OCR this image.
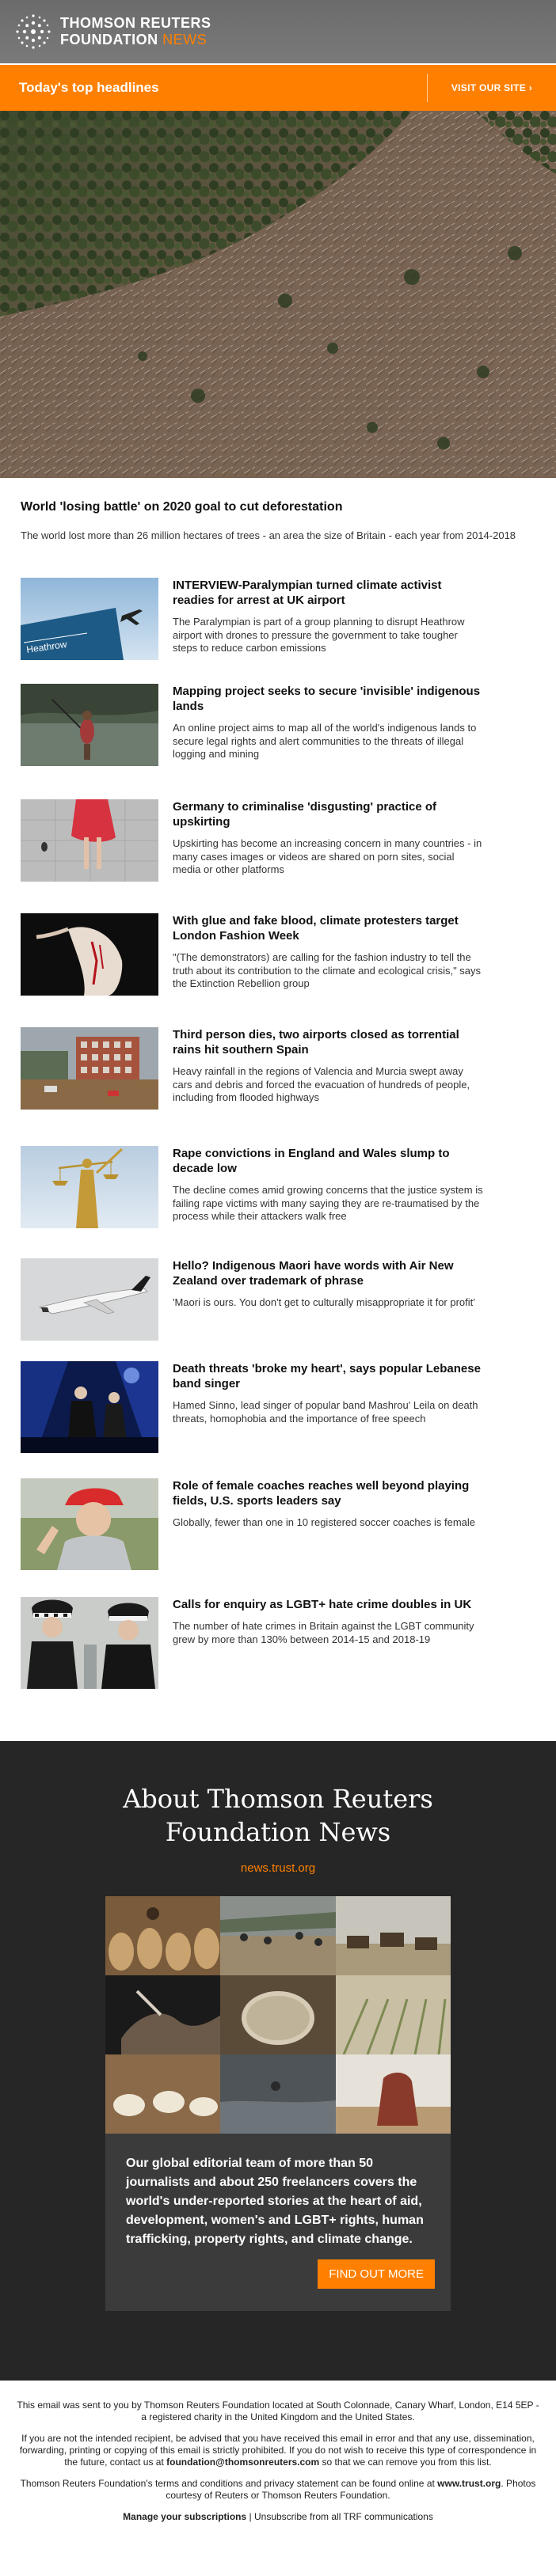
THOMSON REUTERS
FOUNDATION NEWS
Today's top headlines	VISIT OUR SITE
›
World 'losing battle' on 2020 goal to cut deforestation

The world lost more than 26 million hectares of trees - an area the size of Britain - each year from 2014-2018

Heathrow
INTERVIEW-Paralympian turned climate activist readies for arrest at UK airport

The Paralympian is part of a group planning to disrupt Heathrow airport with drones to pressure the government to take tougher steps to reduce carbon emissions

Mapping project seeks to secure 'invisible' indigenous lands

An online project aims to map all of the world's indigenous lands to secure legal rights and alert communities to the threats of illegal logging and mining

Germany to criminalise 'disgusting' practice of upskirting

Upskirting has become an increasing concern in many countries - in many cases images or videos are shared on porn sites, social media or other platforms

With glue and fake blood, climate protesters target London Fashion Week

"(The demonstrators) are calling for the fashion industry to tell the truth about its contribution to the climate and ecological crisis," says the Extinction Rebellion group

Third person dies, two airports closed as torrential rains hit southern Spain

Heavy rainfall in the regions of Valencia and Murcia swept away cars and debris and forced the evacuation of hundreds of people, including from flooded highways

Rape convictions in England and Wales slump to decade low

The decline comes amid growing concerns that the justice system is failing rape victims with many saying they are re-traumatised by the process while their attackers walk free

Hello? Indigenous Maori have words with Air New Zealand over trademark of phrase

'Maori is ours. You don't get to culturally misappropriate it for profit'

Death threats 'broke my heart', says popular Lebanese band singer

Hamed Sinno, lead singer of popular band Mashrou' Leila on death threats, homophobia and the importance of free speech

Role of female coaches reaches well beyond playing fields, U.S. sports leaders say

Globally, fewer than one in 10 registered soccer coaches is female

Calls for enquiry as LGBT+ hate crime doubles in UK

The number of hate crimes in Britain against the LGBT community grew by more than 130% between 2014-15 and 2018-19

About Thomson Reuters
Foundation News
news.trust.org

Our global editorial team of more than 50 journalists and about 250 freelancers covers the world's under-reported stories at the heart of aid, development, women's and LGBT+ rights, human trafficking, property rights, and climate change.

FIND OUT MORE

This email was sent to you by Thomson Reuters Foundation located at South Colonnade, Canary Wharf, London, E14 5EP - a registered charity in the United Kingdom and the United States.

If you are not the intended recipient, be advised that you have received this email in error and that any use, dissemination, forwarding, printing or copying of this email is strictly prohibited. If you do not wish to receive this type of correspondence in the future, contact us at foundation@thomsonreuters.com so that we can remove you from this list.

Thomson Reuters Foundation's terms and conditions and privacy statement can be found online at www.trust.org. Photos courtesy of Reuters or Thomson Reuters Foundation.

Manage your subscriptions | Unsubscribe from all TRF communications
